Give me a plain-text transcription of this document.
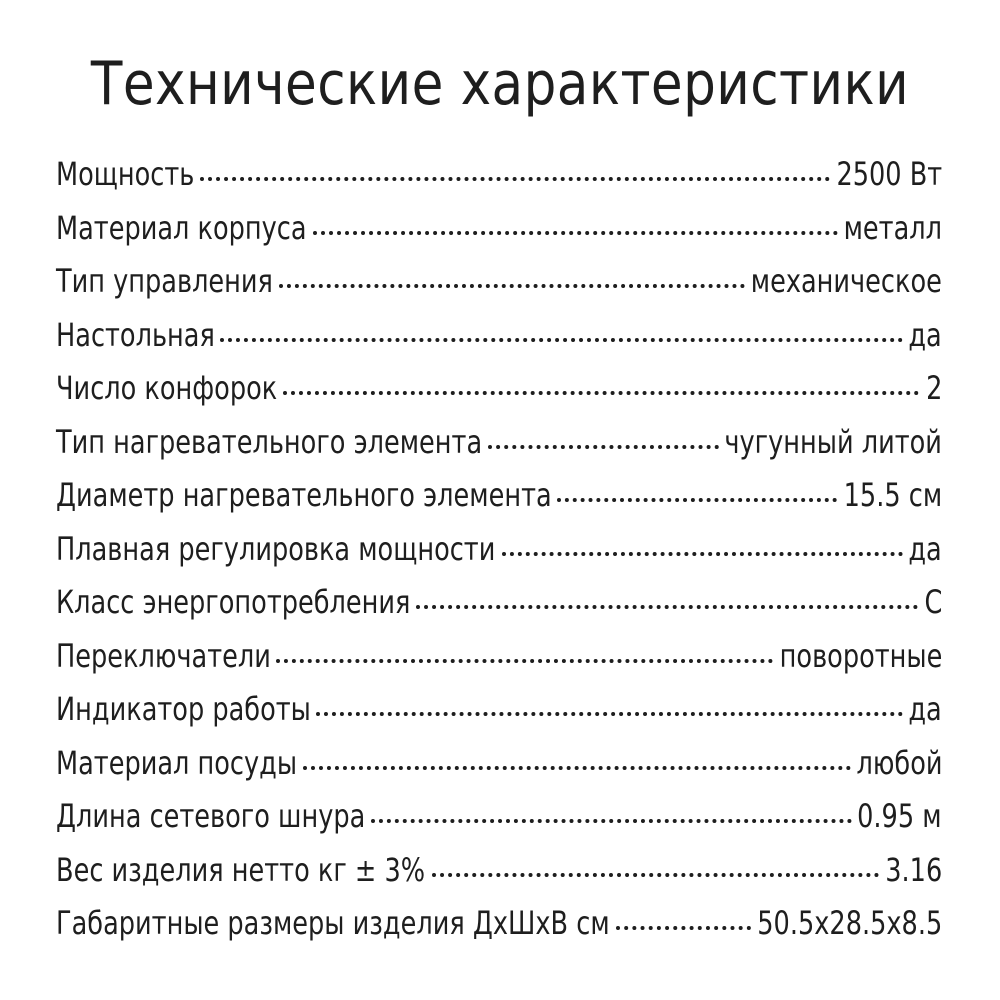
Технические характеристики
Мощность	2500 Вт
Материал корпуса	металл
Тип управления	механическое
Настольная	да
Число конфорок	2
Тип нагревательного элемента	чугунный литой
Диаметр нагревательного элемента	15.5 см
Плавная регулировка мощности	да
Класс энергопотребления	С
Переключатели	поворотные
Индикатор работы	да
Материал посуды	любой
Длина сетевого шнура	0.95 м
Вес изделия нетто кг ± 3%	3.16
Габаритные размеры изделия ДхШхВ см	50.5х28.5х8.5
